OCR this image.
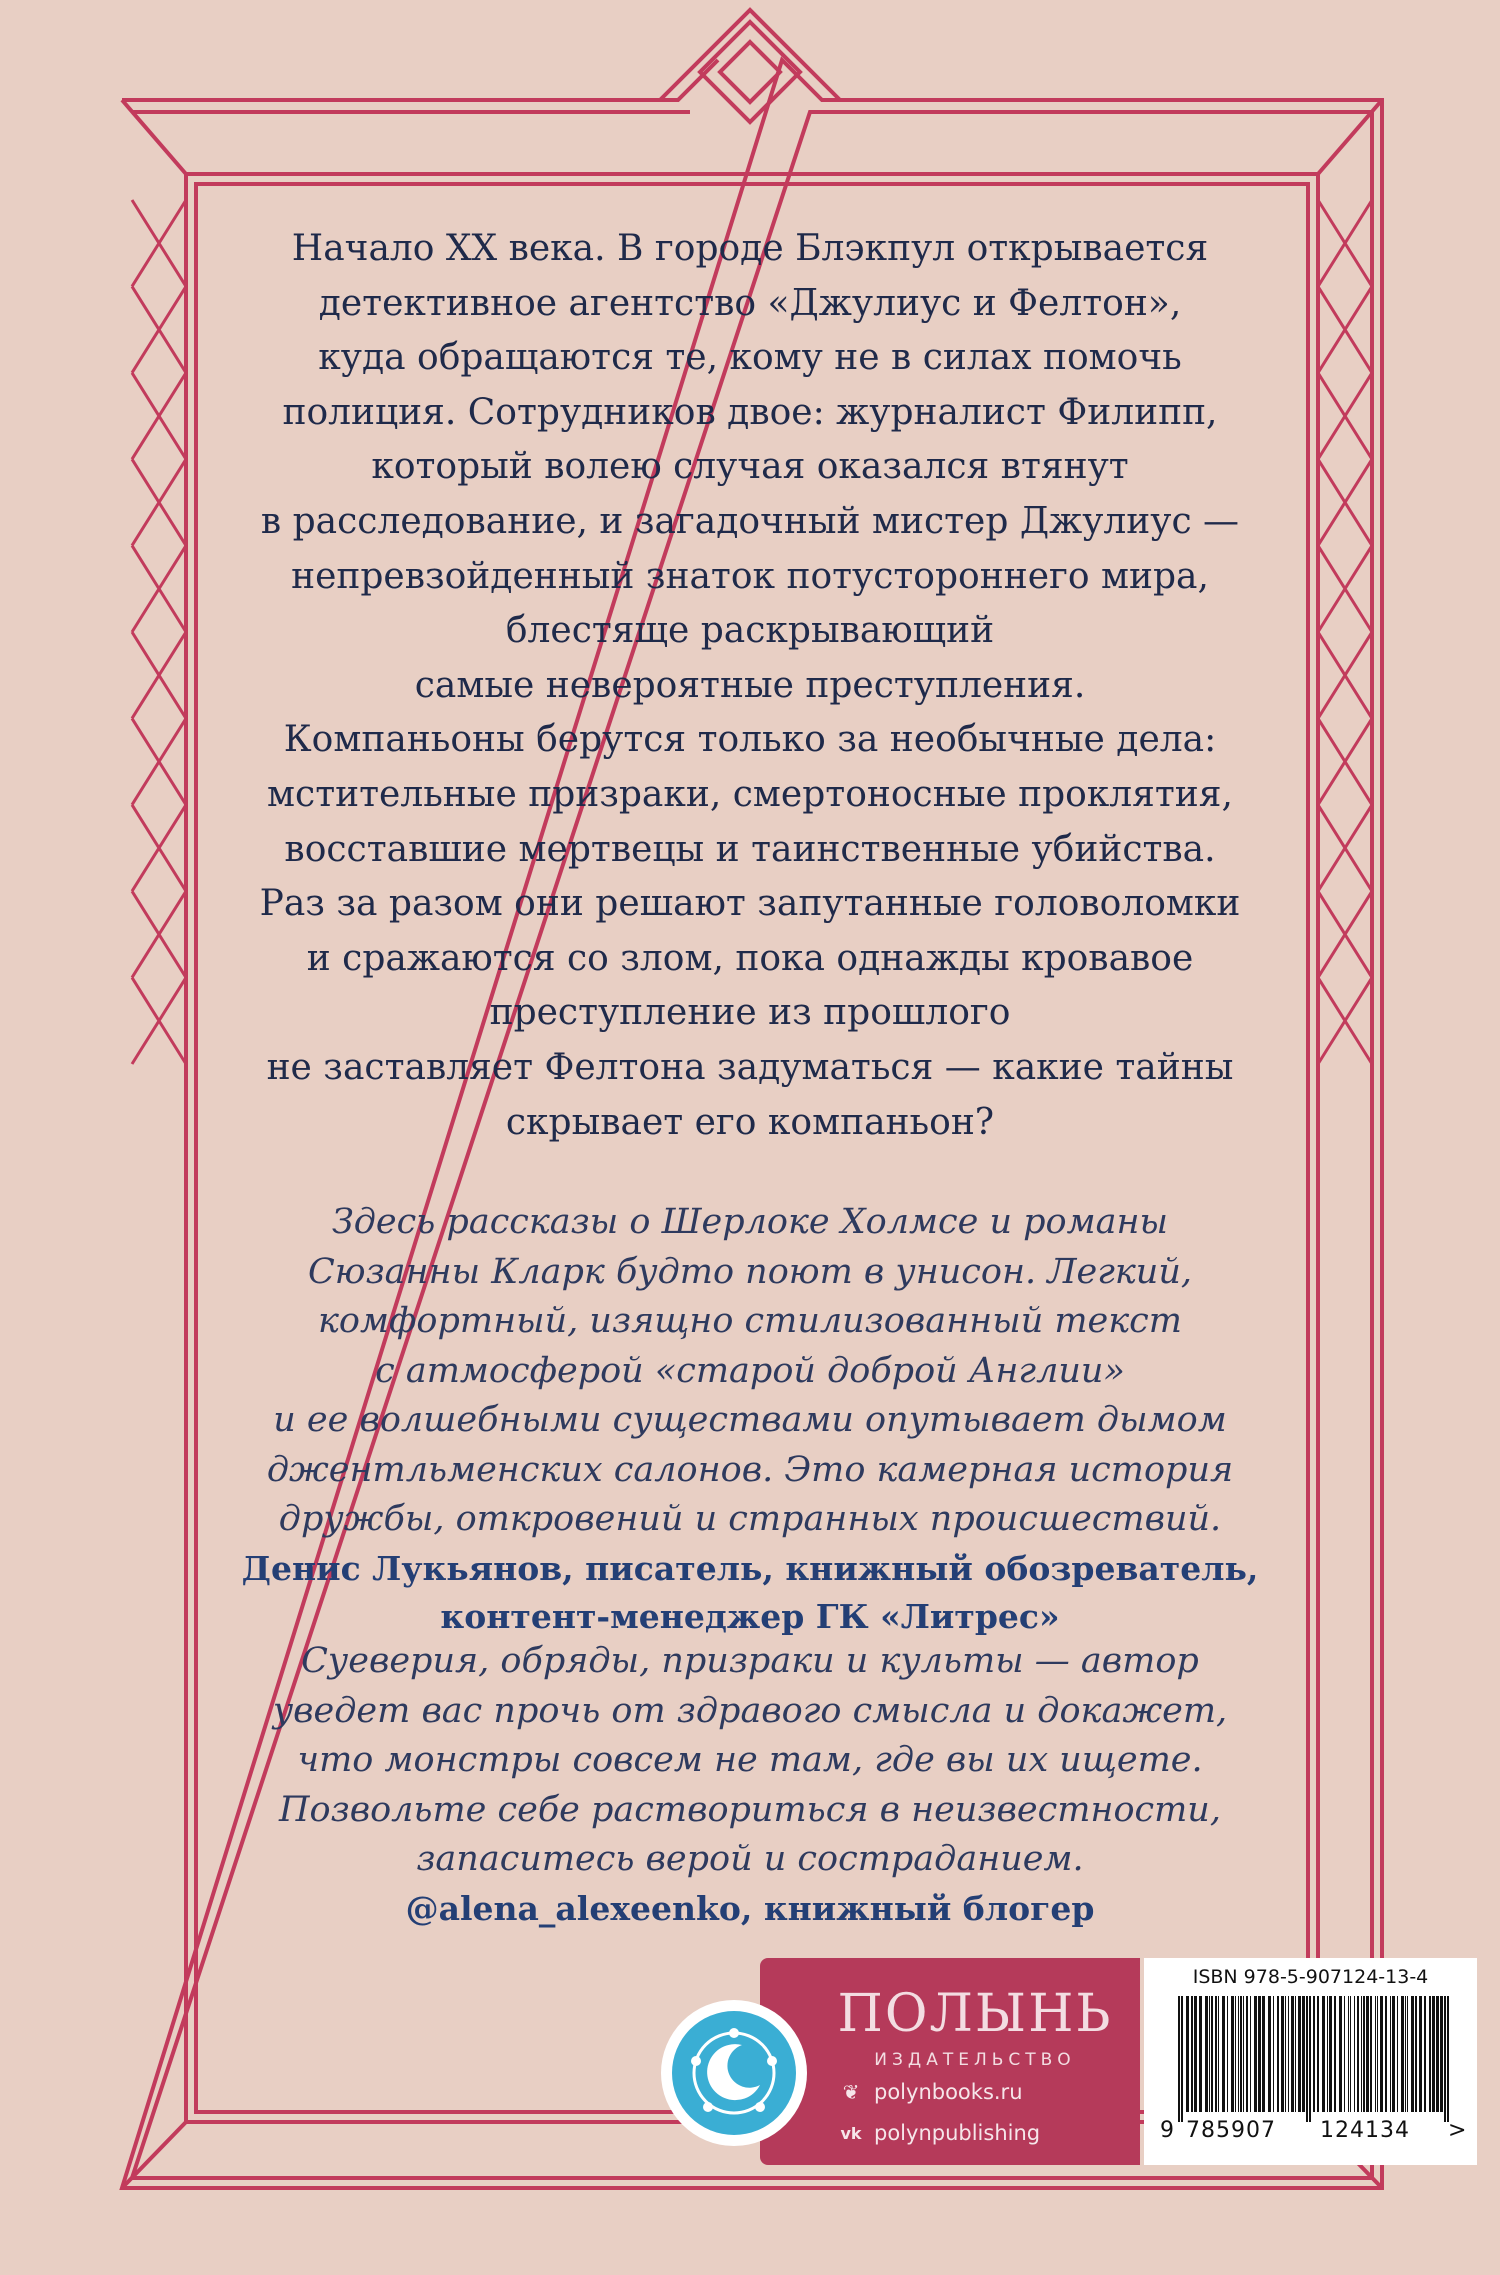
Начало XX века. В городе Блэкпул открывается
детективное агентство «Джулиус и Фелтон»,
куда обращаются те, кому не в силах помочь
полиция. Сотрудников двое: журналист Филипп,
который волею случая оказался втянут
в расследование, и загадочный мистер Джулиус —
непревзойденный знаток потустороннего мира,
блестяще раскрывающий
самые невероятные преступления.
Компаньоны берутся только за необычные дела:
мстительные призраки, смертоносные проклятия,
восставшие мертвецы и таинственные убийства.
Раз за разом они решают запутанные головоломки
и сражаются со злом, пока однажды кровавое
преступление из прошлого
не заставляет Фелтона задуматься — какие тайны
скрывает его компаньон?
Здесь рассказы о Шерлоке Холмсе и романы
Сюзанны Кларк будто поют в унисон. Легкий,
комфортный, изящно стилизованный текст
с атмосферой «старой доброй Англии»
и ее волшебными существами опутывает дымом
джентльменских салонов. Это камерная история
дружбы, откровений и странных происшествий.
Денис Лукьянов, писатель, книжный обозреватель,
контент-менеджер ГК «Литрес»
Суеверия, обряды, призраки и культы — автор
уведет вас прочь от здравого смысла и докажет,
что монстры совсем не там, где вы их ищете.
Позвольте себе раствориться в неизвестности,
запаситесь верой и состраданием.
@alena_alexeenko, книжный блогер
ПОЛЫНЬ
ИЗДАТЕЛЬСТВО
❦ polynbooks.ru
vk polynpublishing
ISBN 978-5-907124-13-4
9 785907 124134 >
